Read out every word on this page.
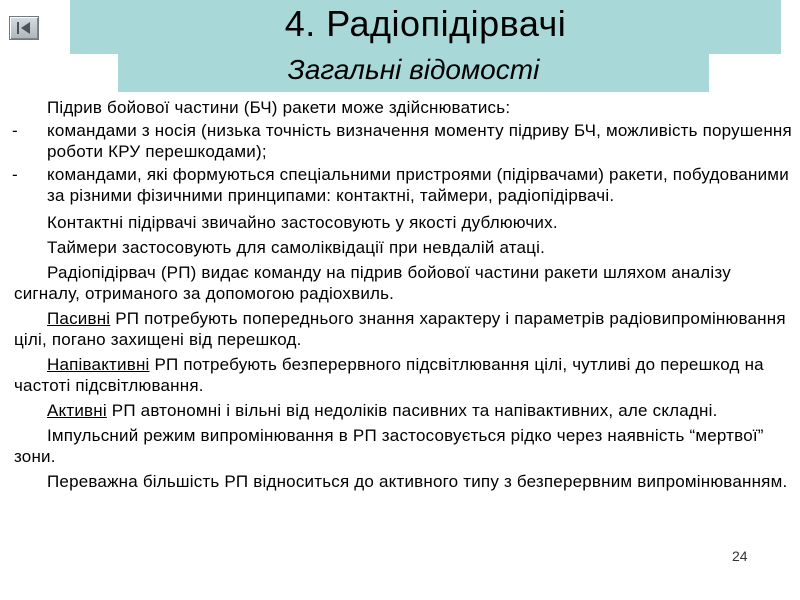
4. Радіопідірвачі
Загальні відомості

Підрив бойової частини (БЧ) ракети може здійснюватись:

- командами з носія (низька точність визначення моменту підриву БЧ, можливість порушення роботи КРУ перешкодами);
- командами, які формуються спеціальними пристроями (підірвачами) ракети, побудованими за різними фізичними принципами: контактні, таймери, радіопідірвачі.

Контактні підірвачі звичайно застосовують у якості дублюючих.

Таймери застосовують для самоліквідації при невдалій атаці.

Радіопідірвач (РП) видає команду на підрив бойової частини ракети шляхом аналізу сигналу, отриманого за допомогою радіохвиль.

Пасивні РП потребують попереднього знання характеру і параметрів радіовипромінювання цілі, погано захищені від перешкод.

Напівактивні РП потребують безперервного підсвітлювання цілі, чутливі до перешкод на частоті підсвітлювання.

Активні РП автономні і вільні від недоліків пасивних та напівактивних, але складні.

Імпульсний режим випромінювання в РП застосовується рідко через наявність “мертвої” зони.

Переважна більшість РП відноситься до активного типу з безперервним випромінюванням.

24
